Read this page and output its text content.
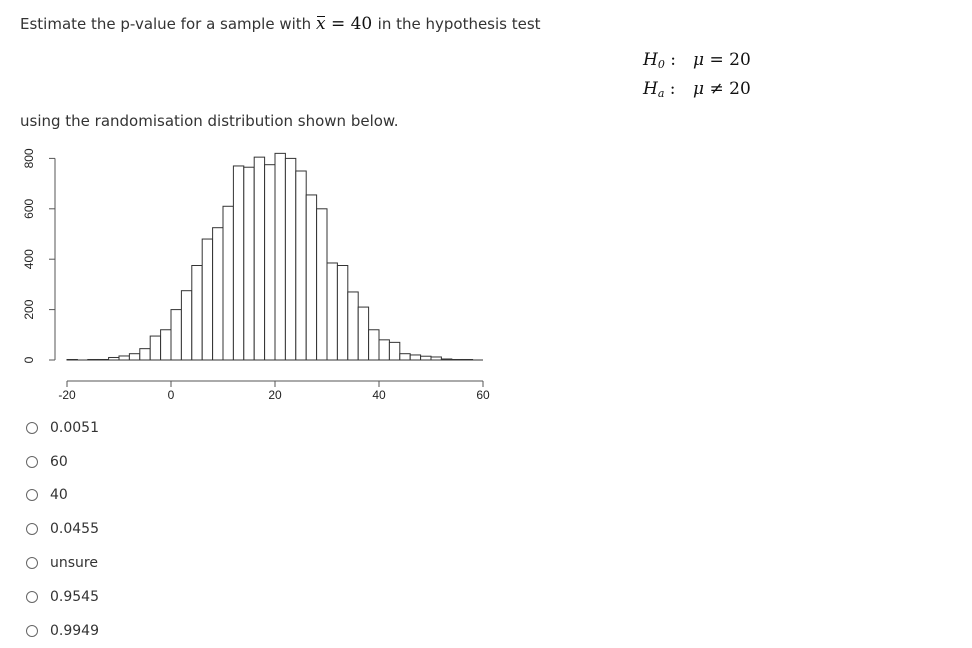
Estimate the p-value for a sample with x = 40 in the hypothesis test
$H_0$ :	μ = 20
$H_a$ :	μ ≠ 20
using the randomisation distribution shown below.
-20	0	20	40	60
0
200
400
600
800
0.0051
60
40
0.0455
unsure
0.9545
0.9949
